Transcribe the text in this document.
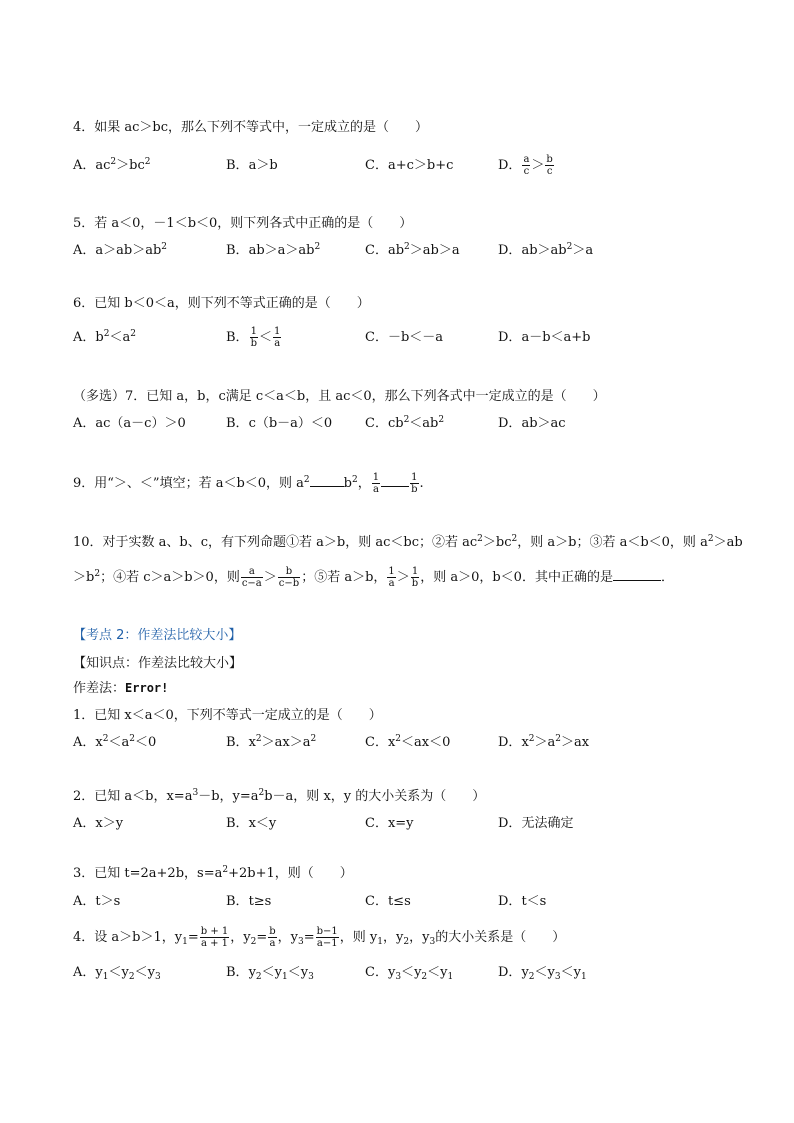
4．如果 ac＞bc，那么下列不等式中，一定成立的是（　　）
A．$ac^2>bc^2$	B．a＞b	C．a+c＞b+c	D． $\frac{a}{c} > \frac{b}{c}$
5．若 a＜0，－1＜b＜0，则下列各式中正确的是（　　）
A．$a>ab>ab^2$	B．$ab>a>ab^2$	C．$ab^2>ab>a$	D．$ab>ab^2>a$
6．已知 b＜0＜a，则下列不等式正确的是（　　）
A．$b^2<a^2$	B． $\frac{1}{b} < \frac{1}{a}$	C．－b＜－a	D．a－b＜a+b
（多选）7．已知 a，b，c满足 c＜a＜b，且 ac＜0，那么下列各式中一定成立的是（　　）
A．ac（a－c）＞0	B．c（b－a）＜0	C．$cb^2<ab^2$	D．ab＞ac
9．用“＞、＜”填空；若 a＜b＜0，则 $a^2$	$b^2$， $\frac{1}{a}$	$\frac{1}{b}$ .
10．对于实数 a、b、c，有下列命题①若 a＞b，则 ac＜bc；②若 $ac^2>bc^2$，则 a＞b；③若 a＜b＜0，则 $a^2>ab$
$>b^2$；④若 c＞a＞b＞0，则 $\frac{a}{c-a} > \frac{b}{c-b}$ ；⑤若 a＞b， $\frac{1}{a} > \frac{1}{b}$ ，则 a＞0，b＜0．其中正确的是	．
【考点 2：作差法比较大小】
【知识点：作差法比较大小】
作差法：Error!
1．已知 x＜a＜0，下列不等式一定成立的是（　　）
A．$x^2<a^2<0$	B．$x^2>ax>a^2$	C．$x^2<ax<0$	D．$x^2>a^2>ax$
2．已知 a＜b，$x=a^3-b$，$y=a^2b-a$，则 x，y 的大小关系为（　　）
A．x＞y	B．x＜y	C．x=y	D．无法确定
3．已知 t=2a+2b，$s=a^2+2b+1$，则（　　）
A．t＞s	B．t≥s	C．t≤s	D．t＜s
4．设 a＞b＞1，$y_1= \frac{b + 1}{a + 1}$ ，$y_2= \frac{b}{a}$ ，$y_3= \frac{b-1}{a-1}$ ，则 $y_1$，$y_2$，$y_3$的大小关系是（　　）
A．$y_1<y_2<y_3$	B．$y_2<y_1<y_3$	C．$y_3<y_2<y_1$	D．$y_2<y_3<y_1$
